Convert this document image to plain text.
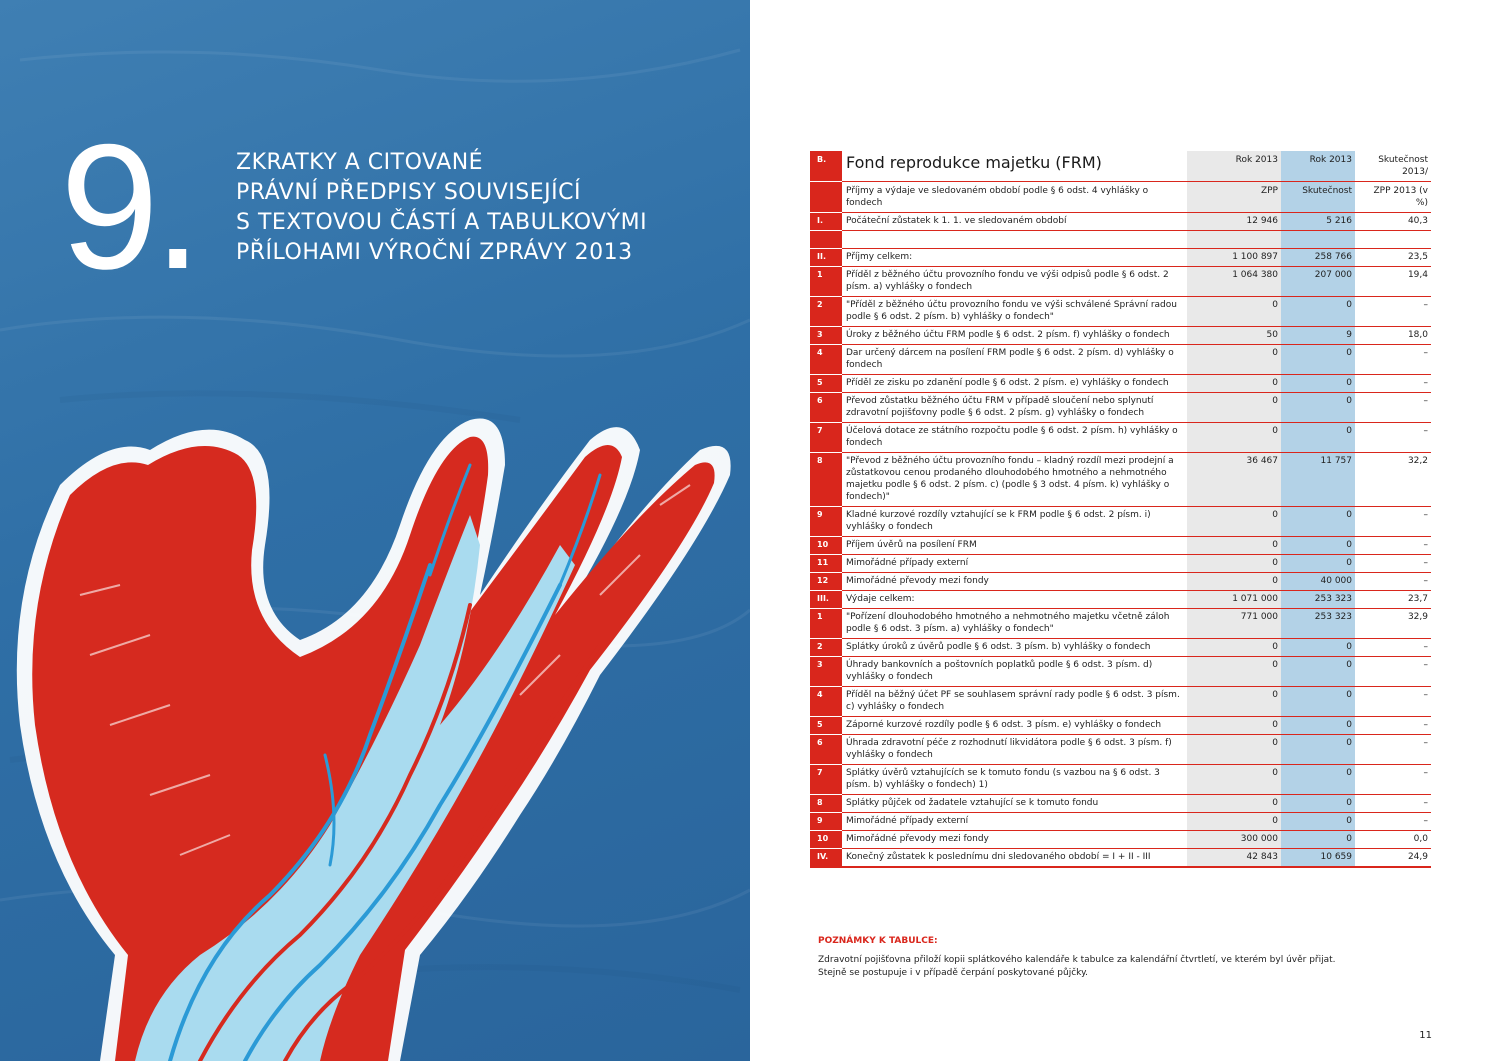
9. ZKRATKY A CITOVANÉ
PRÁVNÍ PŘEDPISY SOUVISEJÍCÍ
S TEXTOVOU ČÁSTÍ A TABULKOVÝMI
PŘÍLOHAMI VÝROČNÍ ZPRÁVY 2013
B.	Fond reprodukce majetku (FRM)	Rok 2013	Rok 2013	Skutečnost 2013/
	Příjmy a výdaje ve sledovaném období podle § 6 odst. 4 vyhlášky o fondech	ZPP	Skutečnost	ZPP 2013 (v %)
I.	Počáteční zůstatek k 1. 1. ve sledovaném období	12 946	5 216	40,3

II.	Příjmy celkem:	1 100 897	258 766	23,5
1	Příděl z běžného účtu provozního fondu ve výši odpisů podle § 6 odst. 2 písm. a) vyhlášky o fondech	1 064 380	207 000	19,4
2	"Příděl z běžného účtu provozního fondu ve výši schválené Správní radou podle § 6 odst. 2 písm. b) vyhlášky o fondech"	0	0	–
3	Úroky z běžného účtu FRM podle § 6 odst. 2 písm. f) vyhlášky o fondech	50	9	18,0
4	Dar určený dárcem na posílení FRM podle § 6 odst. 2 písm. d) vyhlášky o fondech	0	0	–
5	Příděl ze zisku po zdanění podle § 6 odst. 2 písm. e) vyhlášky o fondech	0	0	–
6	Převod zůstatku běžného účtu FRM v případě sloučení nebo splynutí zdravotní pojišťovny podle § 6 odst. 2 písm. g) vyhlášky o fondech	0	0	–
7	Účelová dotace ze státního rozpočtu podle § 6 odst. 2 písm. h) vyhlášky o fondech	0	0	–
8	"Převod z běžného účtu provozního fondu – kladný rozdíl mezi prodejní a zůstatkovou cenou prodaného dlouhodobého hmotného a nehmotného majetku podle § 6 odst. 2 písm. c) (podle § 3 odst. 4 písm. k) vyhlášky o fondech)"	36 467	11 757	32,2
9	Kladné kurzové rozdíly vztahující se k FRM podle § 6 odst. 2 písm. i) vyhlášky o fondech	0	0	–
10	Příjem úvěrů na posílení FRM	0	0	–
11	Mimořádné případy externí	0	0	–
12	Mimořádné převody mezi fondy	0	40 000	–
III.	Výdaje celkem:	1 071 000	253 323	23,7
1	"Pořízení dlouhodobého hmotného a nehmotného majetku včetně záloh podle § 6 odst. 3 písm. a) vyhlášky o fondech"	771 000	253 323	32,9
2	Splátky úroků z úvěrů podle § 6 odst. 3 písm. b) vyhlášky o fondech	0	0	–
3	Úhrady bankovních a poštovních poplatků podle § 6 odst. 3 písm. d) vyhlášky o fondech	0	0	–
4	Příděl na běžný účet PF se souhlasem správní rady podle § 6 odst. 3 písm. c) vyhlášky o fondech	0	0	–
5	Záporné kurzové rozdíly podle § 6 odst. 3 písm. e) vyhlášky o fondech	0	0	–
6	Úhrada zdravotní péče z rozhodnutí likvidátora podle § 6 odst. 3 písm. f) vyhlášky o fondech	0	0	–
7	Splátky úvěrů vztahujících se k tomuto fondu (s vazbou na § 6 odst. 3 písm. b) vyhlášky o fondech) 1)	0	0	–
8	Splátky půjček od žadatele vztahující se k tomuto fondu	0	0	–
9	Mimořádné případy externí	0	0	–
10	Mimořádné převody mezi fondy	300 000	0	0,0
IV.	Konečný zůstatek k poslednímu dni sledovaného období = I + II - III	42 843	10 659	24,9
POZNÁMKY K TABULCE:
Zdravotní pojišťovna přiloží kopii splátkového kalendáře k tabulce za kalendářní čtvrtletí, ve kterém byl úvěr přijat.
Stejně se postupuje i v případě čerpání poskytované půjčky.
11
